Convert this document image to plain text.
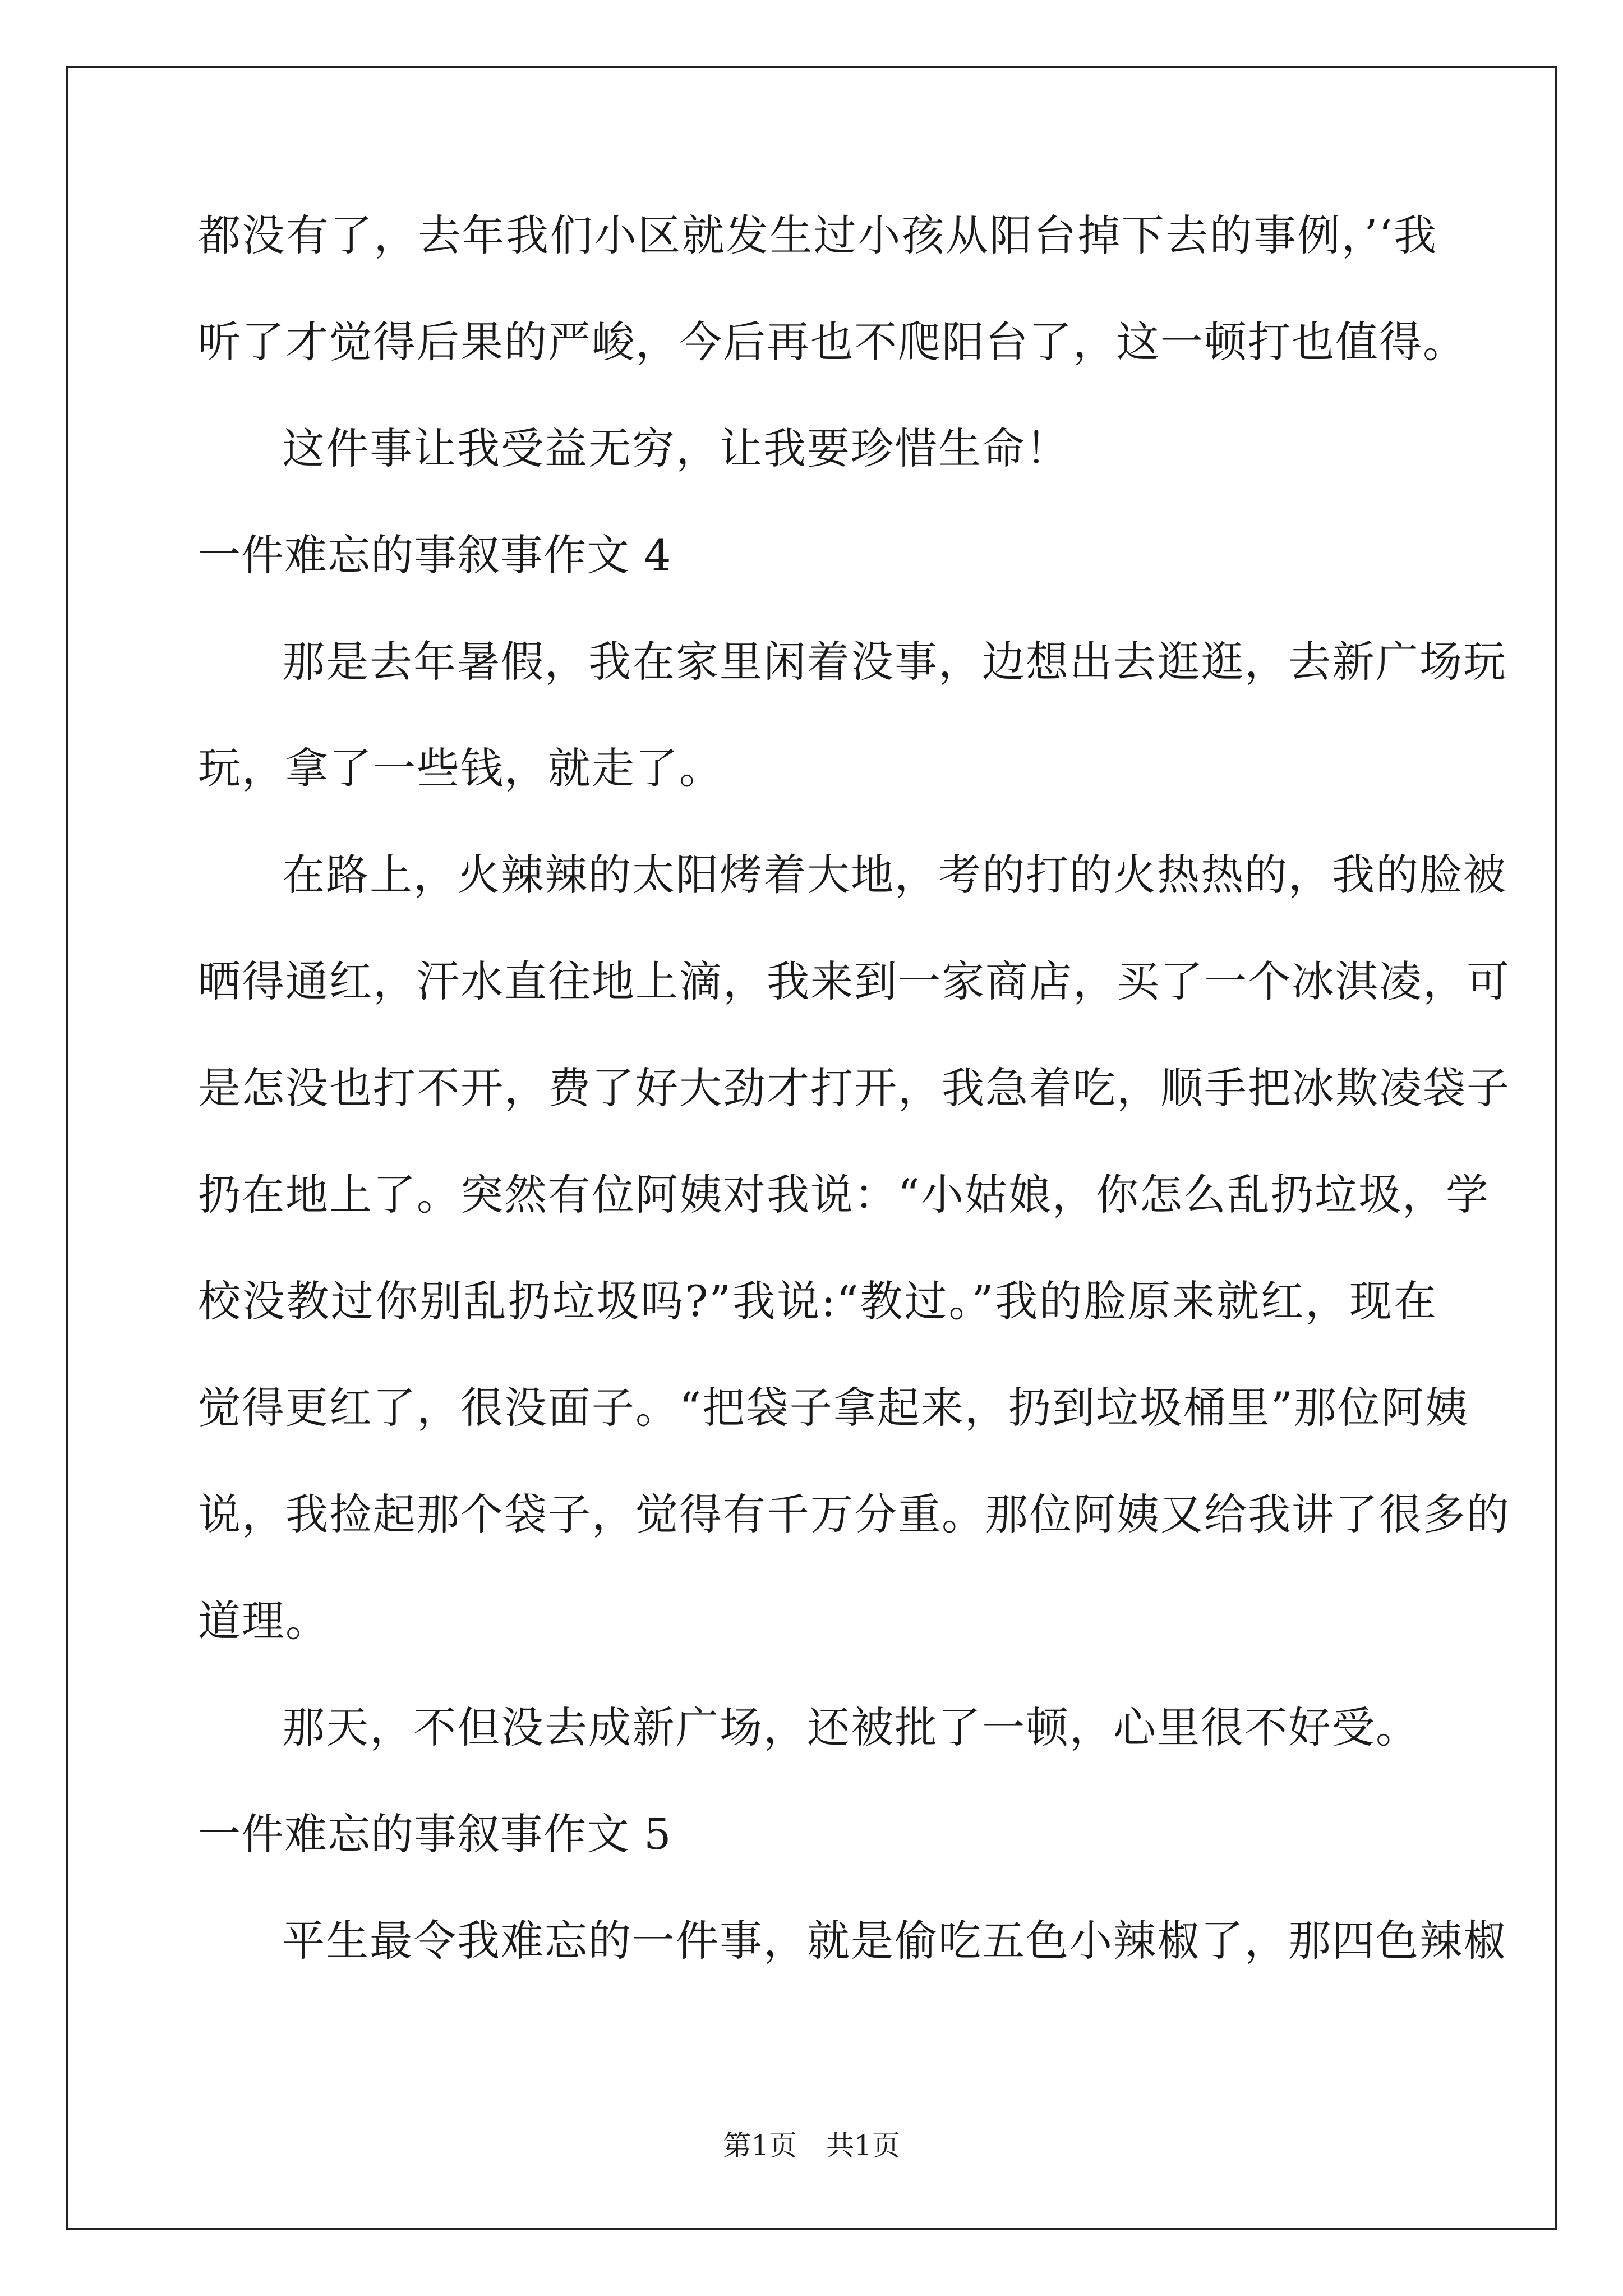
都没有了，去年我们小区就发生过小孩从阳台掉下去的事例，’‘我
听了才觉得后果的严峻，今后再也不爬阳台了，这一顿打也值得。
这件事让我受益无穷，让我要珍惜生命！
一件难忘的事叙事作文 4
那是去年暑假，我在家里闲着没事，边想出去逛逛，去新广场玩
玩，拿了一些钱，就走了。
在路上，火辣辣的太阳烤着大地，考的打的火热热的，我的脸被
晒得通红，汗水直往地上滴，我来到一家商店，买了一个冰淇凌，可
是怎没也打不开，费了好大劲才打开，我急着吃，顺手把冰欺凌袋子
扔在地上了。突然有位阿姨对我说：“小姑娘，你怎么乱扔垃圾，学
校没教过你别乱扔垃圾吗?”我说:“教过。”我的脸原来就红，现在
觉得更红了，很没面子。“把袋子拿起来，扔到垃圾桶里”那位阿姨
说，我捡起那个袋子，觉得有千万分重。那位阿姨又给我讲了很多的
道理。
那天，不但没去成新广场，还被批了一顿，心里很不好受。
一件难忘的事叙事作文 5
平生最令我难忘的一件事，就是偷吃五色小辣椒了，那四色辣椒
第1页 共1页
